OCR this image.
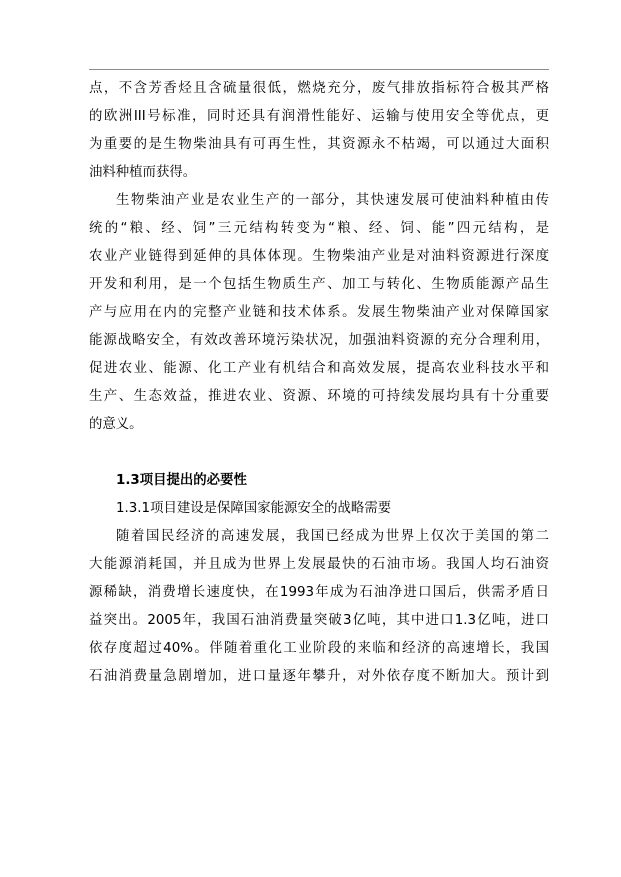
点，不含芳香烃且含硫量很低，燃烧充分，废气排放指标符合极其严格
的欧洲III号标准，同时还具有润滑性能好、运输与使用安全等优点，更
为重要的是生物柴油具有可再生性，其资源永不枯竭，可以通过大面积
油料种植而获得。
生物柴油产业是农业生产的一部分，其快速发展可使油料种植由传
统的“粮、经、饲”三元结构转变为“粮、经、饲、能”四元结构，是
农业产业链得到延伸的具体体现。生物柴油产业是对油料资源进行深度
开发和利用，是一个包括生物质生产、加工与转化、生物质能源产品生
产与应用在内的完整产业链和技术体系。发展生物柴油产业对保障国家
能源战略安全，有效改善环境污染状况，加强油料资源的充分合理利用，
促进农业、能源、化工产业有机结合和高效发展，提高农业科技水平和
生产、生态效益，推进农业、资源、环境的可持续发展均具有十分重要
的意义。
1.3项目提出的必要性
1.3.1项目建设是保障国家能源安全的战略需要
随着国民经济的高速发展，我国已经成为世界上仅次于美国的第二
大能源消耗国，并且成为世界上发展最快的石油市场。我国人均石油资
源稀缺，消费增长速度快，在1993年成为石油净进口国后，供需矛盾日
益突出。2005年，我国石油消费量突破3亿吨，其中进口1.3亿吨，进口
依存度超过40%。伴随着重化工业阶段的来临和经济的高速增长，我国
石油消费量急剧增加，进口量逐年攀升，对外依存度不断加大。预计到
